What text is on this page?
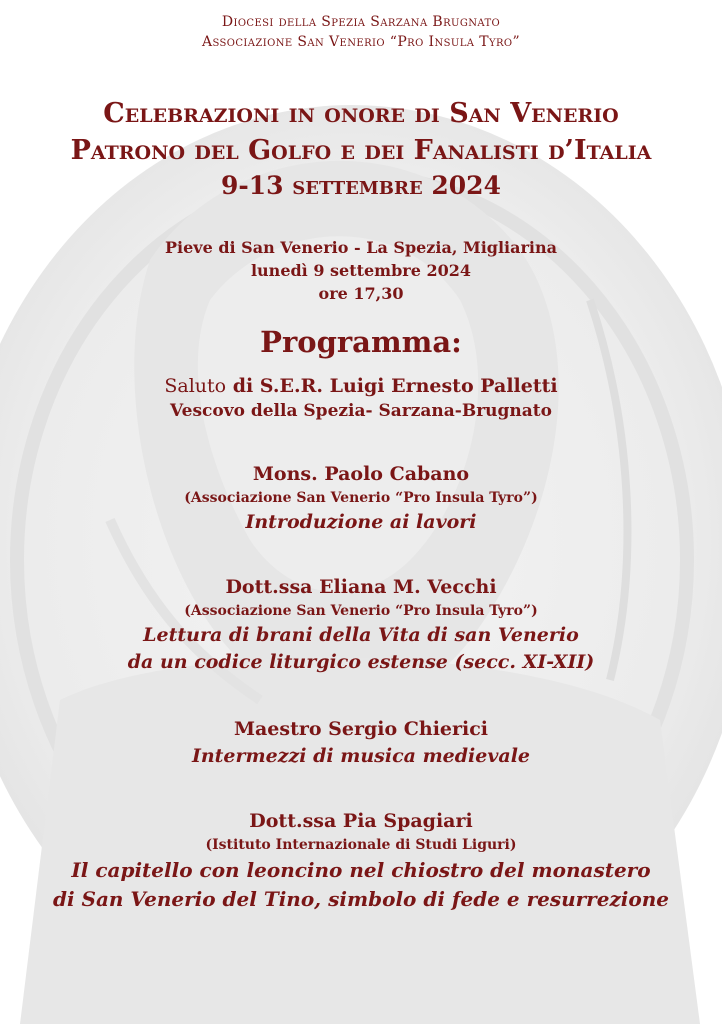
Diocesi della Spezia Sarzana Brugnato
Associazione San Venerio “Pro Insula Tyro”
Celebrazioni in onore di San Venerio
Patrono del Golfo e dei Fanalisti d’Italia
9-13 settembre 2024
Pieve di San Venerio - La Spezia, Migliarina
lunedì 9 settembre 2024
ore 17,30
Programma:
Saluto di S.E.R. Luigi Ernesto Palletti
Vescovo della Spezia- Sarzana-Brugnato
Mons. Paolo Cabano
(Associazione San Venerio “Pro Insula Tyro”)
Introduzione ai lavori
Dott.ssa Eliana M. Vecchi
(Associazione San Venerio “Pro Insula Tyro”)
Lettura di brani della Vita di san Venerio
da un codice liturgico estense (secc. XI-XII)
Maestro Sergio Chierici
Intermezzi di musica medievale
Dott.ssa Pia Spagiari
(Istituto Internazionale di Studi Liguri)
Il capitello con leoncino nel chiostro del monastero
di San Venerio del Tino, simbolo di fede e resurrezione
